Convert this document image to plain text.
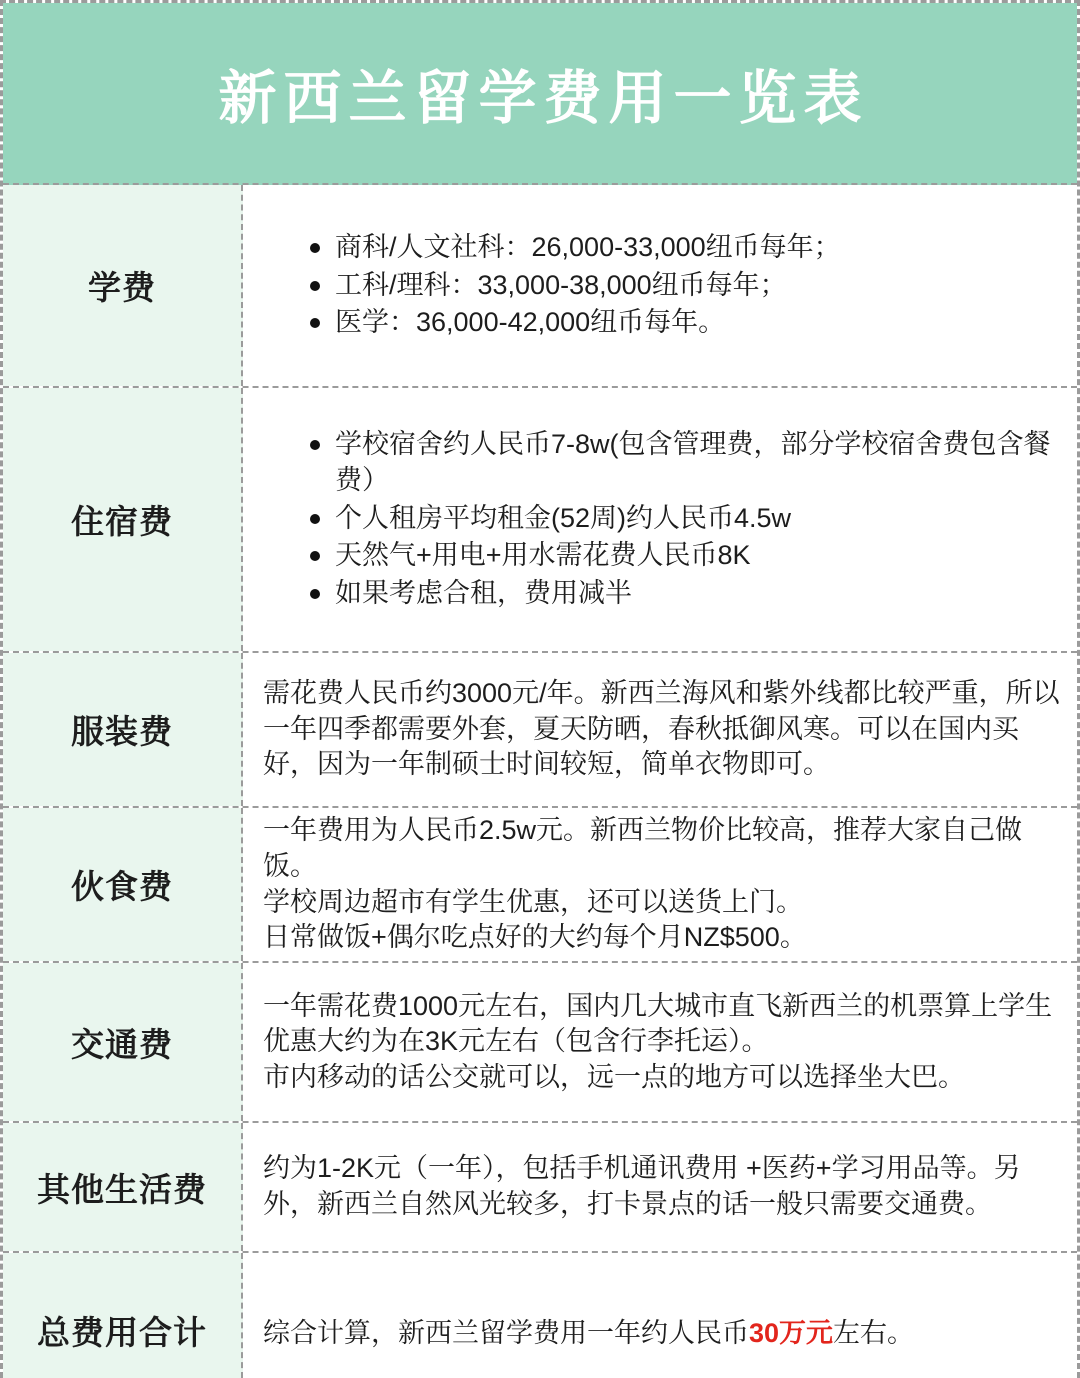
新西兰留学费用一览表
学费
商科/人文社科：26,000-33,000纽币每年；
工科/理科：33,000-38,000纽币每年；
医学：36,000-42,000纽币每年。
住宿费
学校宿舍约人民币7-8w(包含管理费，部分学校宿舍费包含餐费）
个人租房平均租金(52周)约人民币4.5w
天然气+用电+用水需花费人民币8K
如果考虑合租，费用减半
服装费

需花费人民币约3000元/年。新西兰海风和紫外线都比较严重，所以一年四季都需要外套，夏天防晒，春秋抵御风寒。可以在国内买好，因为一年制硕士时间较短，简单衣物即可。

伙食费

一年费用为人民币2.5w元。新西兰物价比较高，推荐大家自己做饭。

学校周边超市有学生优惠，还可以送货上门。

日常做饭+偶尔吃点好的大约每个月NZ$500。

交通费

一年需花费1000元左右，国内几大城市直飞新西兰的机票算上学生优惠大约为在3K元左右（包含行李托运）。

市内移动的话公交就可以，远一点的地方可以选择坐大巴。

其他生活费

约为1-2K元（一年），包括手机通讯费用 +医药+学习用品等。另外，新西兰自然风光较多，打卡景点的话一般只需要交通费。

总费用合计	综合计算，新西兰留学费用一年约人民币30万元左右。
